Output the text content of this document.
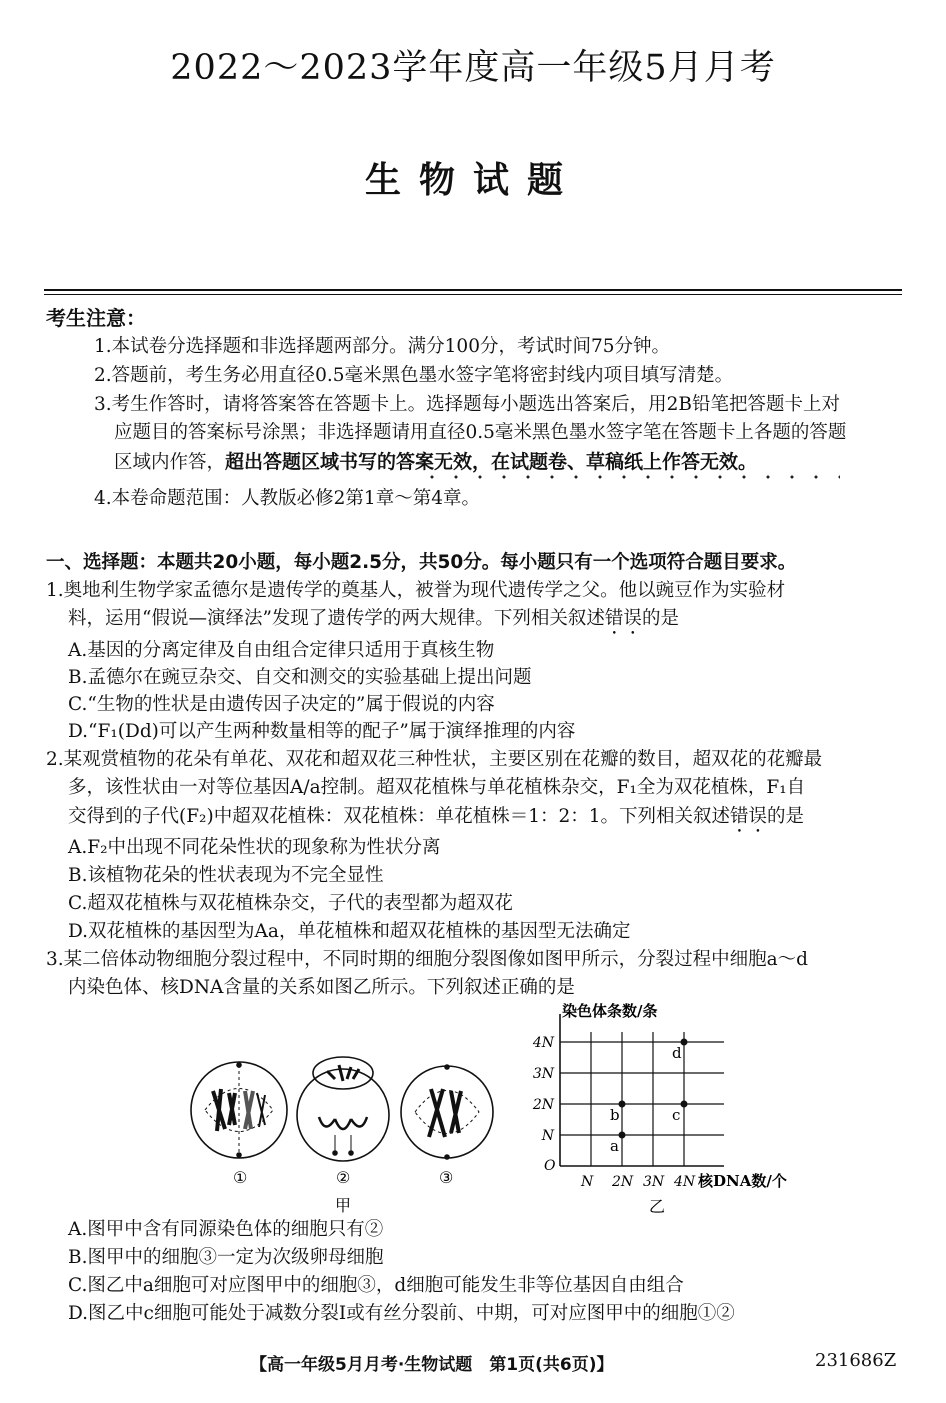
2022～2023学年度高一年级5月月考
生物试题
考生注意：
1.本试卷分选择题和非选择题两部分。满分100分，考试时间75分钟。
2.答题前，考生务必用直径0.5毫米黑色墨水签字笔将密封线内项目填写清楚。
3.考生作答时，请将答案答在答题卡上。选择题每小题选出答案后，用2B铅笔把答题卡上对
应题目的答案标号涂黑；非选择题请用直径0.5毫米黑色墨水签字笔在答题卡上各题的答题
区域内作答，超出答题区域书写的答案无效，在试题卷、草稿纸上作答无效。
4.本卷命题范围：人教版必修2第1章～第4章。
一、选择题：本题共20小题，每小题2.5分，共50分。每小题只有一个选项符合题目要求。
1.奥地利生物学家孟德尔是遗传学的奠基人，被誉为现代遗传学之父。他以豌豆作为实验材
料，运用“假说—演绎法”发现了遗传学的两大规律。下列相关叙述错误的是
A.基因的分离定律及自由组合定律只适用于真核生物
B.孟德尔在豌豆杂交、自交和测交的实验基础上提出问题
C.“生物的性状是由遗传因子决定的”属于假说的内容
D.“F₁(Dd)可以产生两种数量相等的配子”属于演绎推理的内容
2.某观赏植物的花朵有单花、双花和超双花三种性状，主要区别在花瓣的数目，超双花的花瓣最
多，该性状由一对等位基因A/a控制。超双花植株与单花植株杂交，F₁全为双花植株，F₁自
交得到的子代(F₂)中超双花植株：双花植株：单花植株＝1：2：1。下列相关叙述错误的是
A.F₂中出现不同花朵性状的现象称为性状分离
B.该植物花朵的性状表现为不完全显性
C.超双花植株与双花植株杂交，子代的表型都为超双花
D.双花植株的基因型为Aa，单花植株和超双花植株的基因型无法确定
3.某二倍体动物细胞分裂过程中，不同时期的细胞分裂图像如图甲所示，分裂过程中细胞a～d
内染色体、核DNA含量的关系如图乙所示。下列叙述正确的是
①	②	③
甲
N 2N 3N 4N
N
2N
3N
4N
O
染色体条数/条
核DNA数/个
a
b	c
d
乙
A.图甲中含有同源染色体的细胞只有②
B.图甲中的细胞③一定为次级卵母细胞
C.图乙中a细胞可对应图甲中的细胞③，d细胞可能发生非等位基因自由组合
D.图乙中c细胞可能处于减数分裂Ⅰ或有丝分裂前、中期，可对应图甲中的细胞①②
【高一年级5月月考·生物试题　第1页(共6页)】	231686Z
